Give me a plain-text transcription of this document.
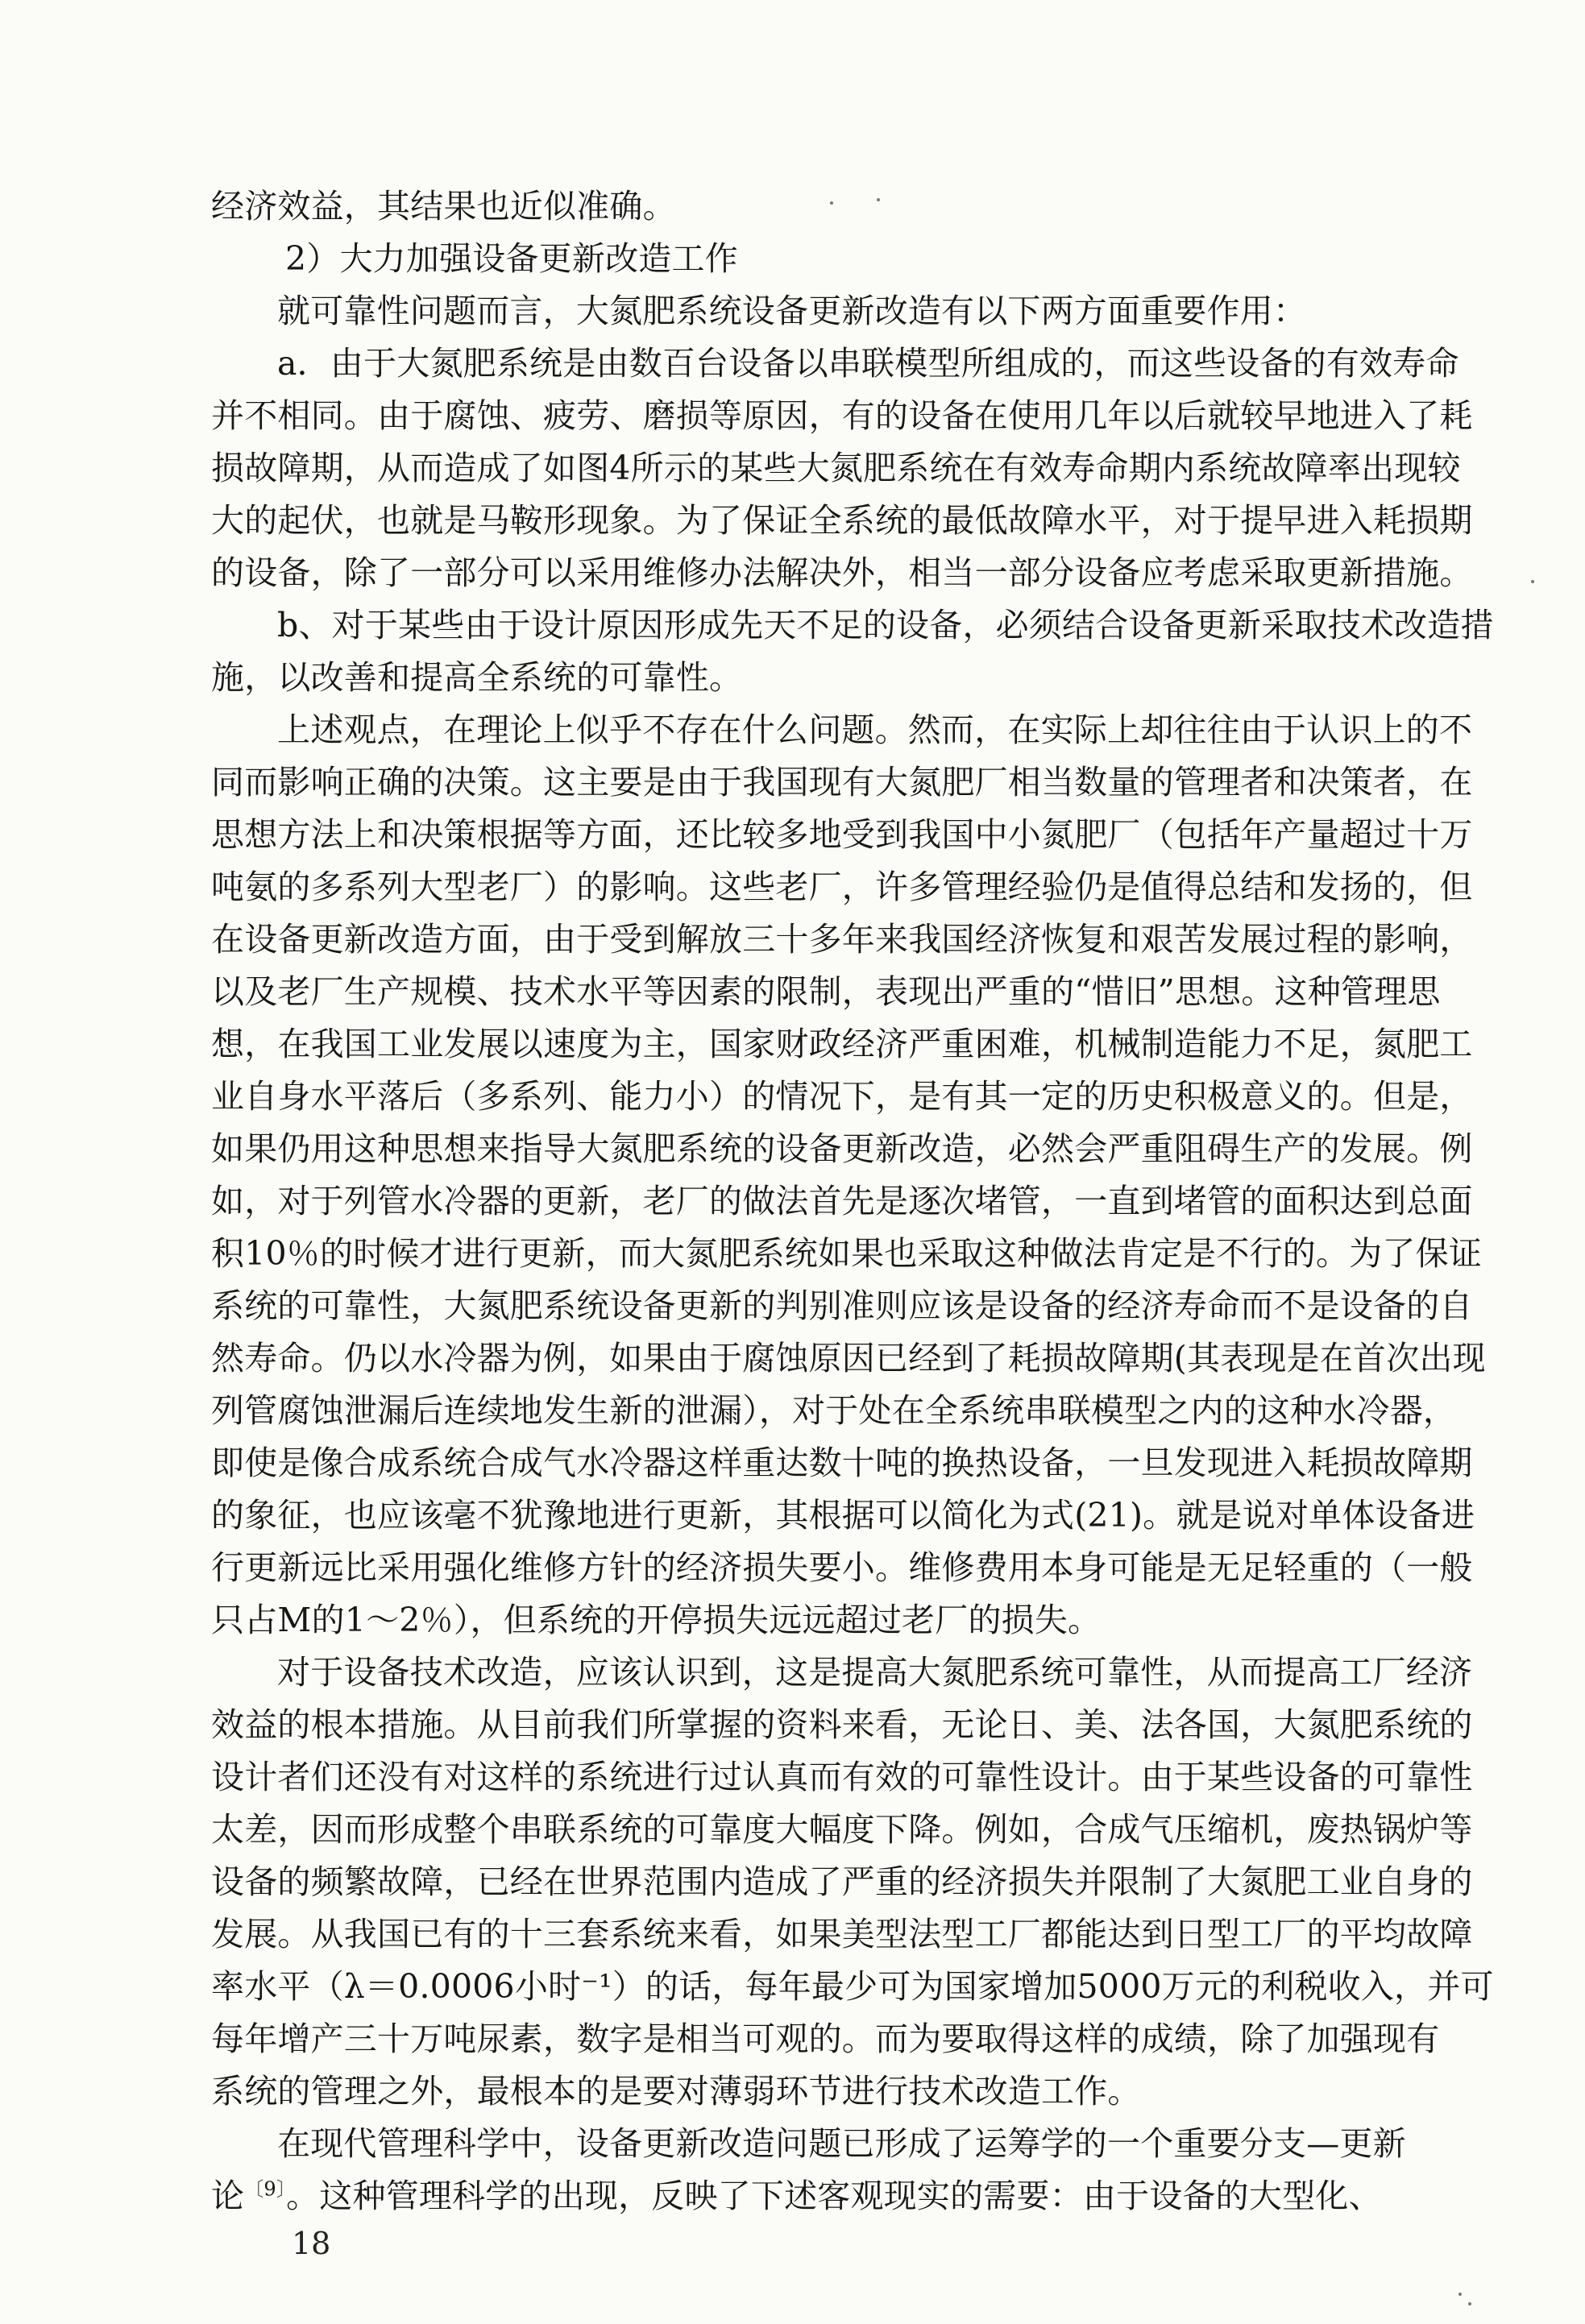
经济效益，其结果也近似准确。
2）大力加强设备更新改造工作
就可靠性问题而言，大氮肥系统设备更新改造有以下两方面重要作用：
a．由于大氮肥系统是由数百台设备以串联模型所组成的，而这些设备的有效寿命
并不相同。由于腐蚀、疲劳、磨损等原因，有的设备在使用几年以后就较早地进入了耗
损故障期，从而造成了如图4所示的某些大氮肥系统在有效寿命期内系统故障率出现较
大的起伏，也就是马鞍形现象。为了保证全系统的最低故障水平，对于提早进入耗损期
的设备，除了一部分可以采用维修办法解决外，相当一部分设备应考虑采取更新措施。
b、对于某些由于设计原因形成先天不足的设备，必须结合设备更新采取技术改造措
施，以改善和提高全系统的可靠性。
上述观点，在理论上似乎不存在什么问题。然而，在实际上却往往由于认识上的不
同而影响正确的决策。这主要是由于我国现有大氮肥厂相当数量的管理者和决策者，在
思想方法上和决策根据等方面，还比较多地受到我国中小氮肥厂（包括年产量超过十万
吨氨的多系列大型老厂）的影响。这些老厂，许多管理经验仍是值得总结和发扬的，但
在设备更新改造方面，由于受到解放三十多年来我国经济恢复和艰苦发展过程的影响，
以及老厂生产规模、技术水平等因素的限制，表现出严重的“惜旧”思想。这种管理思
想，在我国工业发展以速度为主，国家财政经济严重困难，机械制造能力不足，氮肥工
业自身水平落后（多系列、能力小）的情况下，是有其一定的历史积极意义的。但是，
如果仍用这种思想来指导大氮肥系统的设备更新改造，必然会严重阻碍生产的发展。例
如，对于列管水冷器的更新，老厂的做法首先是逐次堵管，一直到堵管的面积达到总面
积10％的时候才进行更新，而大氮肥系统如果也采取这种做法肯定是不行的。为了保证
系统的可靠性，大氮肥系统设备更新的判别准则应该是设备的经济寿命而不是设备的自
然寿命。仍以水冷器为例，如果由于腐蚀原因已经到了耗损故障期(其表现是在首次出现
列管腐蚀泄漏后连续地发生新的泄漏），对于处在全系统串联模型之内的这种水冷器，
即使是像合成系统合成气水冷器这样重达数十吨的换热设备，一旦发现进入耗损故障期
的象征，也应该毫不犹豫地进行更新，其根据可以简化为式(21)。就是说对单体设备进
行更新远比采用强化维修方针的经济损失要小。维修费用本身可能是无足轻重的（一般
只占M的1～2％），但系统的开停损失远远超过老厂的损失。
对于设备技术改造，应该认识到，这是提高大氮肥系统可靠性，从而提高工厂经济
效益的根本措施。从目前我们所掌握的资料来看，无论日、美、法各国，大氮肥系统的
设计者们还没有对这样的系统进行过认真而有效的可靠性设计。由于某些设备的可靠性
太差，因而形成整个串联系统的可靠度大幅度下降。例如，合成气压缩机，废热锅炉等
设备的频繁故障，已经在世界范围内造成了严重的经济损失并限制了大氮肥工业自身的
发展。从我国已有的十三套系统来看，如果美型法型工厂都能达到日型工厂的平均故障
率水平（λ＝0.0006小时⁻¹）的话，每年最少可为国家增加5000万元的利税收入，并可
每年增产三十万吨尿素，数字是相当可观的。而为要取得这样的成绩，除了加强现有
系统的管理之外，最根本的是要对薄弱环节进行技术改造工作。
在现代管理科学中，设备更新改造问题已形成了运筹学的一个重要分支—更新
论$^{〔9〕}$。这种管理科学的出现，反映了下述客观现实的需要：由于设备的大型化、
18
